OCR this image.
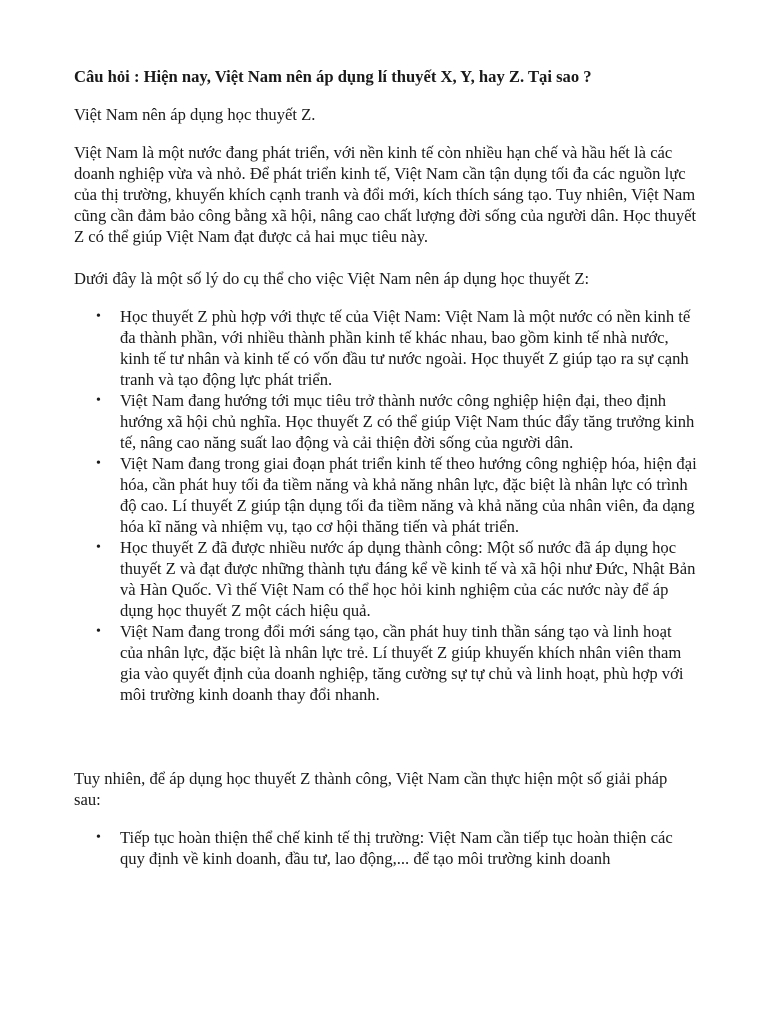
Câu hỏi : Hiện nay, Việt Nam nên áp dụng lí thuyết X, Y, hay Z. Tại sao ?

Việt Nam nên áp dụng học thuyết Z.

Việt Nam là một nước đang phát triển, với nền kinh tế còn nhiều hạn chế và hầu hết là các doanh nghiệp vừa và nhỏ. Để phát triển kinh tế, Việt Nam cần tận dụng tối đa các nguồn lực của thị trường, khuyến khích cạnh tranh và đổi mới, kích thích sáng tạo. Tuy nhiên, Việt Nam cũng cần đảm bảo công bằng xã hội, nâng cao chất lượng đời sống của người dân. Học thuyết Z có thể giúp Việt Nam đạt được cả hai mục tiêu này.

Dưới đây là một số lý do cụ thể cho việc Việt Nam nên áp dụng học thuyết Z:

• Học thuyết Z phù hợp với thực tế của Việt Nam: Việt Nam là một nước có nền kinh tế đa thành phần, với nhiều thành phần kinh tế khác nhau, bao gồm kinh tế nhà nước, kinh tế tư nhân và kinh tế có vốn đầu tư nước ngoài. Học thuyết Z giúp tạo ra sự cạnh tranh và tạo động lực phát triển.
• Việt Nam đang hướng tới mục tiêu trở thành nước công nghiệp hiện đại, theo định hướng xã hội chủ nghĩa. Học thuyết Z có thể giúp Việt Nam thúc đẩy tăng trưởng kinh tế, nâng cao năng suất lao động và cải thiện đời sống của người dân.
• Việt Nam đang trong giai đoạn phát triển kinh tế theo hướng công nghiệp hóa, hiện đại hóa, cần phát huy tối đa tiềm năng và khả năng nhân lực, đặc biệt là nhân lực có trình độ cao. Lí thuyết Z giúp tận dụng tối đa tiềm năng và khả năng của nhân viên, đa dạng hóa kĩ năng và nhiệm vụ, tạo cơ hội thăng tiến và phát triển.
• Học thuyết Z đã được nhiều nước áp dụng thành công: Một số nước đã áp dụng học thuyết Z và đạt được những thành tựu đáng kể về kinh tế và xã hội như Đức, Nhật Bản và Hàn Quốc. Vì thế Việt Nam có thể học hỏi kinh nghiệm của các nước này để áp dụng học thuyết Z một cách hiệu quả.
• Việt Nam đang trong đổi mới sáng tạo, cần phát huy tinh thần sáng tạo và linh hoạt của nhân lực, đặc biệt là nhân lực trẻ. Lí thuyết Z giúp khuyến khích nhân viên tham gia vào quyết định của doanh nghiệp, tăng cường sự tự chủ và linh hoạt, phù hợp với môi trường kinh doanh thay đổi nhanh.

Tuy nhiên, để áp dụng học thuyết Z thành công, Việt Nam cần thực hiện một số giải pháp sau:

• Tiếp tục hoàn thiện thể chế kinh tế thị trường: Việt Nam cần tiếp tục hoàn thiện các quy định về kinh doanh, đầu tư, lao động,... để tạo môi trường kinh doanh
